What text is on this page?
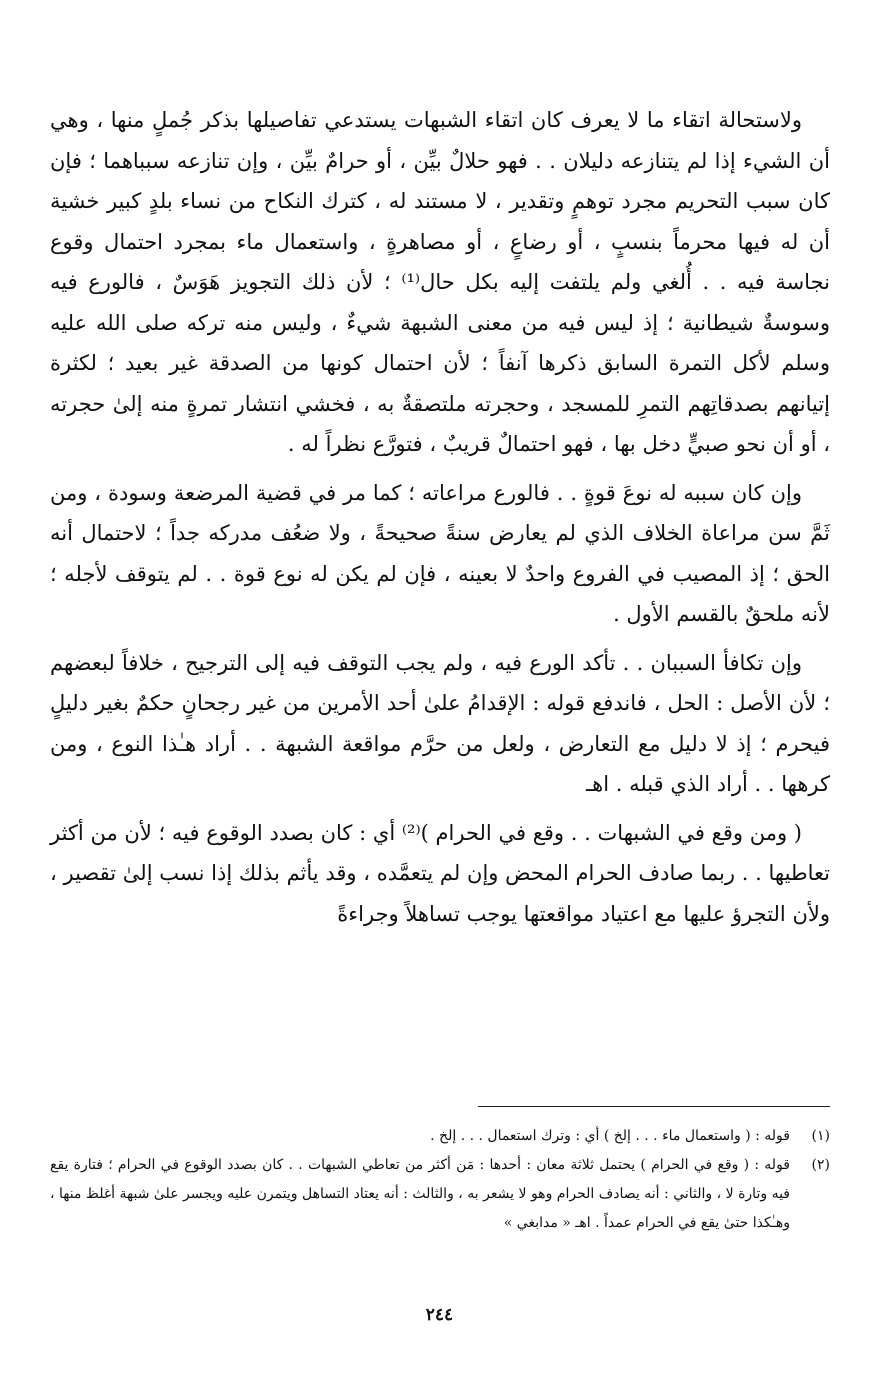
ولاستحالة اتقاء ما لا يعرف كان اتقاء الشبهات يستدعي تفاصيلها بذكر جُملٍ منها ، وهي أن الشيء إذا لم يتنازعه دليلان . . فهو حلالٌ بيِّن ، أو حرامٌ بيِّن ، وإن تنازعه سبباهما ؛ فإن كان سبب التحريم مجرد توهمٍ وتقدير ، لا مستند له ، كترك النكاح من نساء بلدٍ كبير خشية أن له فيها محرماً بنسبٍ ، أو رضاعٍ ، أو مصاهرةٍ ، واستعمال ماء بمجرد احتمال وقوع نجاسة فيه . . أُلغي ولم يلتفت إليه بكل حال⁽¹⁾ ؛ لأن ذلك التجويز هَوَسٌ ، فالورع فيه وسوسةٌ شيطانية ؛ إذ ليس فيه من معنى الشبهة شيءٌ ، وليس منه تركه صلى الله عليه وسلم لأكل التمرة السابق ذكرها آنفاً ؛ لأن احتمال كونها من الصدقة غير بعيد ؛ لكثرة إتيانهم بصدقاتِهم التمرِ للمسجد ، وحجرته ملتصقةٌ به ، فخشي انتشار تمرةٍ منه إلىٰ حجرته ، أو أن نحو صبيٍّ دخل بها ، فهو احتمالٌ قريبٌ ، فتورَّع نظراً له .

وإن كان سببه له نوعَ قوةٍ . . فالورع مراعاته ؛ كما مر في قضية المرضعة وسودة ، ومن ثَمَّ سن مراعاة الخلاف الذي لم يعارض سنةً صحيحةً ، ولا ضعُف مدركه جداً ؛ لاحتمال أنه الحق ؛ إذ المصيب في الفروع واحدٌ لا بعينه ، فإن لم يكن له نوع قوة . . لم يتوقف لأجله ؛ لأنه ملحقٌ بالقسم الأول .

وإن تكافأ السببان . . تأكد الورع فيه ، ولم يجب التوقف فيه إلى الترجيح ، خلافاً لبعضهم ؛ لأن الأصل : الحل ، فاندفع قوله : الإقدامُ علىٰ أحد الأمرين من غير رجحانٍ حكمٌ بغير دليلٍ فيحرم ؛ إذ لا دليل مع التعارض ، ولعل من حرَّم مواقعة الشبهة . . أراد هـٰذا النوع ، ومن كرهها . . أراد الذي قبله . اهـ

( ومن وقع في الشبهات . . وقع في الحرام )⁽²⁾ أي : كان بصدد الوقوع فيه ؛ لأن من أكثر تعاطيها . . ربما صادف الحرام المحض وإن لم يتعمَّده ، وقد يأثم بذلك إذا نسب إلىٰ تقصير ، ولأن التجرؤ عليها مع اعتياد مواقعتها يوجب تساهلاً وجراءةً

(١)
قوله : ( واستعمال ماء . . . إلخ ) أي : وترك استعمال . . . إلخ .
(٢)
قوله : ( وقع في الحرام ) يحتمل ثلاثة معان : أحدها : مَن أكثر من تعاطي الشبهات . . كان بصدد الوقوع في الحرام ؛ فتارة يقع فيه وتارة لا ، والثاني : أنه يصادف الحرام وهو لا يشعر به ، والثالث : أنه يعتاد التساهل ويتمرن عليه ويجسر علىٰ شبهة أغلظ منها ، وهـٰكذا حتىٰ يقع في الحرام عمداً . اهـ « مدابغي »
٢٤٤
